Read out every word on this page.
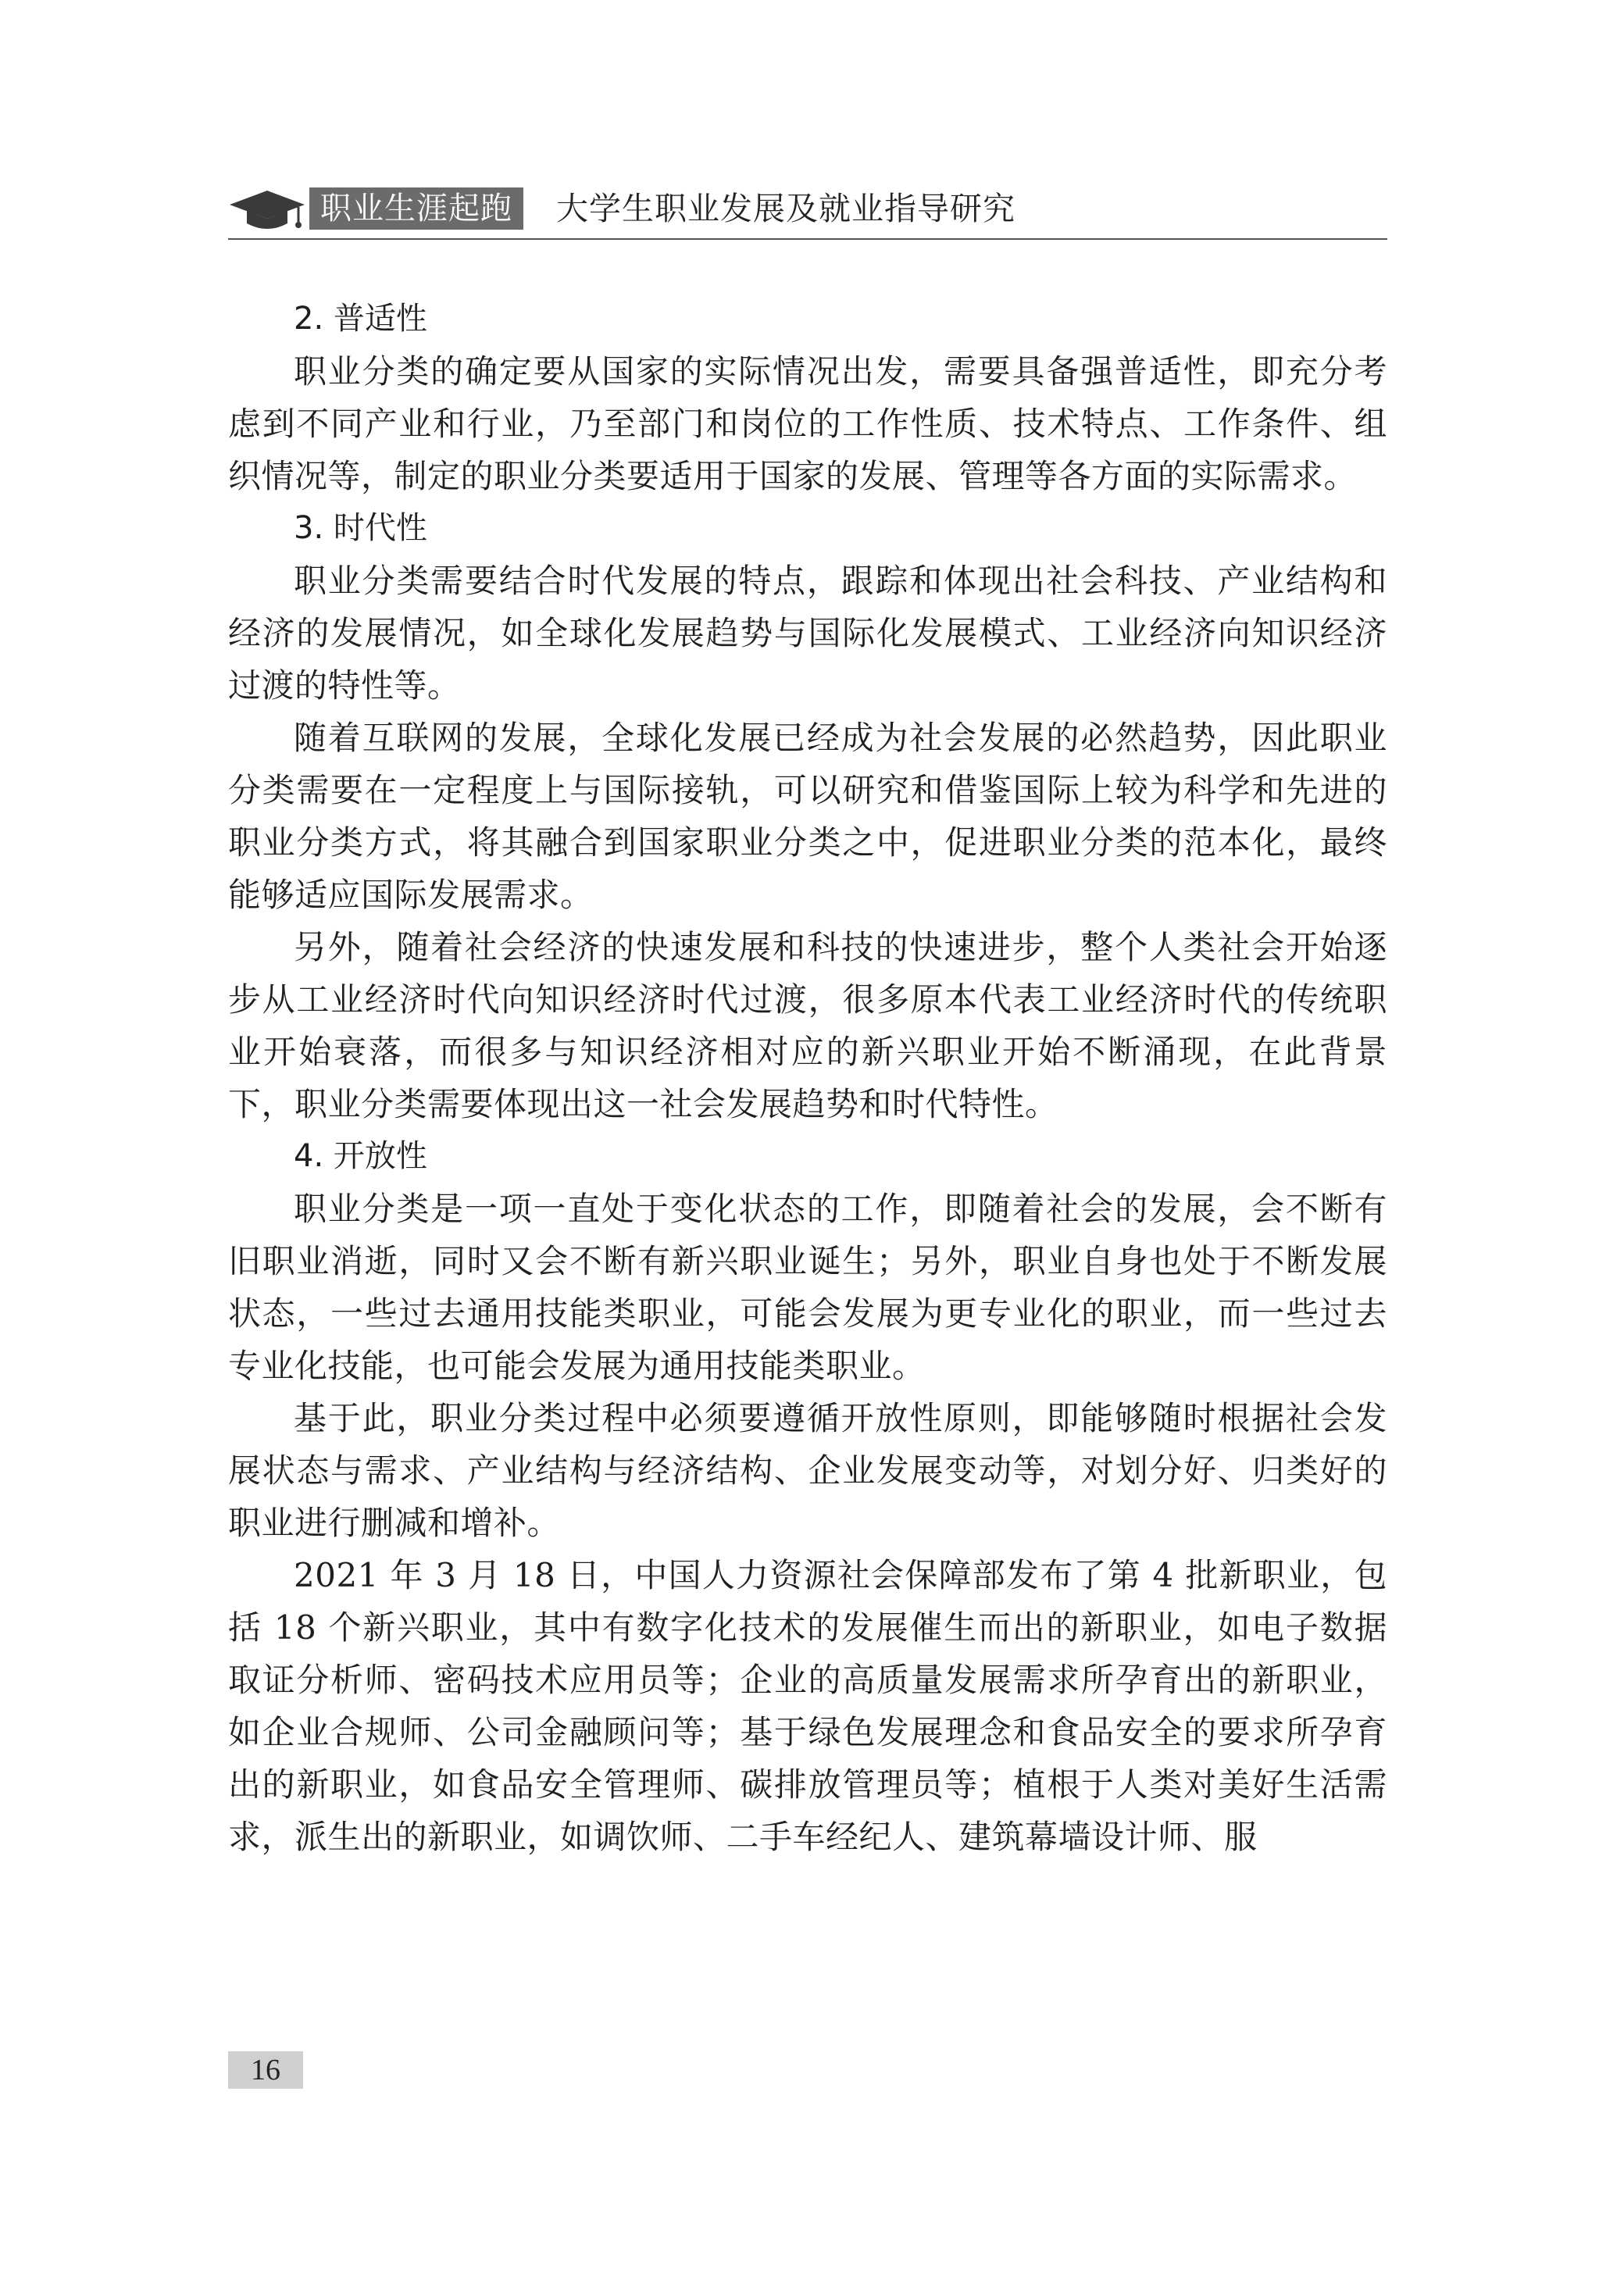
职业生涯起跑	大学生职业发展及就业指导研究
2. 普适性

职业分类的确定要从国家的实际情况出发，需要具备强普适性，即充分考虑到不同产业和行业，乃至部门和岗位的工作性质、技术特点、工作条件、组织情况等，制定的职业分类要适用于国家的发展、管理等各方面的实际需求。

3. 时代性

职业分类需要结合时代发展的特点，跟踪和体现出社会科技、产业结构和经济的发展情况，如全球化发展趋势与国际化发展模式、工业经济向知识经济过渡的特性等。

随着互联网的发展，全球化发展已经成为社会发展的必然趋势，因此职业分类需要在一定程度上与国际接轨，可以研究和借鉴国际上较为科学和先进的职业分类方式，将其融合到国家职业分类之中，促进职业分类的范本化，最终能够适应国际发展需求。

另外，随着社会经济的快速发展和科技的快速进步，整个人类社会开始逐步从工业经济时代向知识经济时代过渡，很多原本代表工业经济时代的传统职业开始衰落，而很多与知识经济相对应的新兴职业开始不断涌现，在此背景下，职业分类需要体现出这一社会发展趋势和时代特性。

4. 开放性

职业分类是一项一直处于变化状态的工作，即随着社会的发展，会不断有旧职业消逝，同时又会不断有新兴职业诞生；另外，职业自身也处于不断发展状态，一些过去通用技能类职业，可能会发展为更专业化的职业，而一些过去专业化技能，也可能会发展为通用技能类职业。

基于此，职业分类过程中必须要遵循开放性原则，即能够随时根据社会发展状态与需求、产业结构与经济结构、企业发展变动等，对划分好、归类好的职业进行删减和增补。

2021 年 3 月 18 日，中国人力资源社会保障部发布了第 4 批新职业，包括 18 个新兴职业，其中有数字化技术的发展催生而出的新职业，如电子数据取证分析师、密码技术应用员等；企业的高质量发展需求所孕育出的新职业，如企业合规师、公司金融顾问等；基于绿色发展理念和食品安全的要求所孕育出的新职业，如食品安全管理师、碳排放管理员等；植根于人类对美好生活需求，派生出的新职业，如调饮师、二手车经纪人、建筑幕墙设计师、服

16
